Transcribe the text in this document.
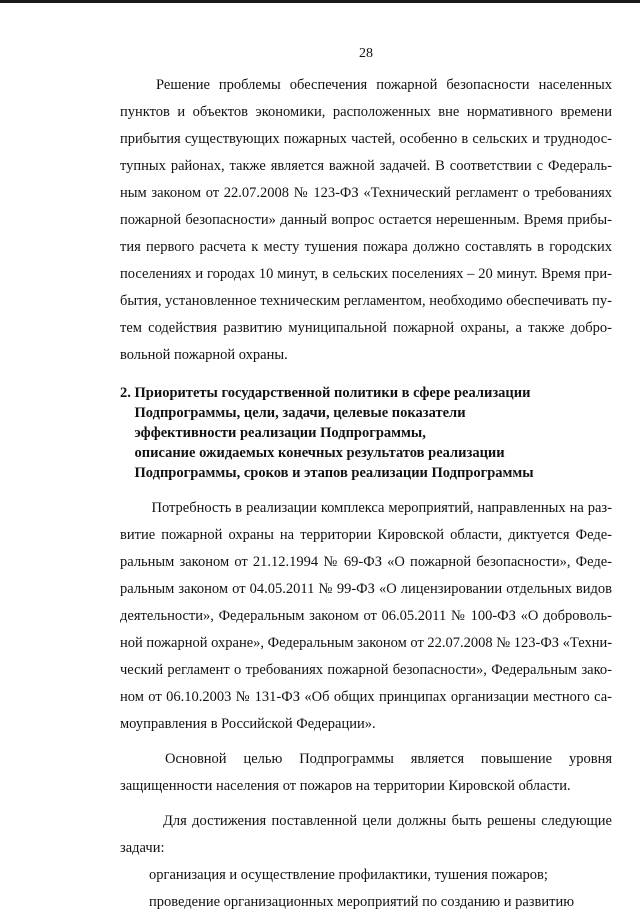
28
Решение  проблемы  обеспечения  пожарной  безопасности  населенных
пунктов и объектов экономики, расположенных вне нормативного времени
прибытия существующих пожарных частей, особенно в сельских и труднодос-
тупных районах, также является важной задачей. В соответствии с Федераль-
ным законом от 22.07.2008 № 123-ФЗ «Технический регламент о требованиях
пожарной безопасности» данный вопрос остается нерешенным. Время прибы-
тия первого расчета к месту тушения пожара должно составлять в городских
поселениях и городах 10 минут, в сельских поселениях – 20 минут. Время при-
бытия, установленное техническим регламентом, необходимо обеспечивать пу-
тем содействия развитию муниципальной пожарной охраны, а также добро-
вольной пожарной охраны.
2. Приоритеты государственной политики в сфере реализации
Подпрограммы, цели, задачи, целевые показатели
эффективности реализации Подпрограммы,
описание ожидаемых конечных результатов реализации
Подпрограммы, сроков и этапов реализации Подпрограммы
Потребность в реализации комплекса мероприятий, направленных на раз-
витие пожарной охраны на территории Кировской области, диктуется Феде-
ральным законом от 21.12.1994 № 69-ФЗ «О пожарной безопасности», Феде-
ральным законом от 04.05.2011 № 99-ФЗ «О лицензировании отдельных видов
деятельности», Федеральным законом от 06.05.2011 № 100-ФЗ «О доброволь-
ной пожарной охране», Федеральным законом от 22.07.2008 № 123-ФЗ «Техни-
ческий регламент о требованиях пожарной безопасности», Федеральным зако-
ном от 06.10.2003 № 131-ФЗ «Об общих принципах организации местного са-
моуправления в Российской Федерации».
Основной   целью   Подпрограммы   является   повышение   уровня
защищенности населения от пожаров на территории Кировской области.
Для достижения поставленной цели должны быть решены следующие
задачи:
организация и осуществление профилактики, тушения пожаров;
проведение организационных мероприятий по созданию и развитию
